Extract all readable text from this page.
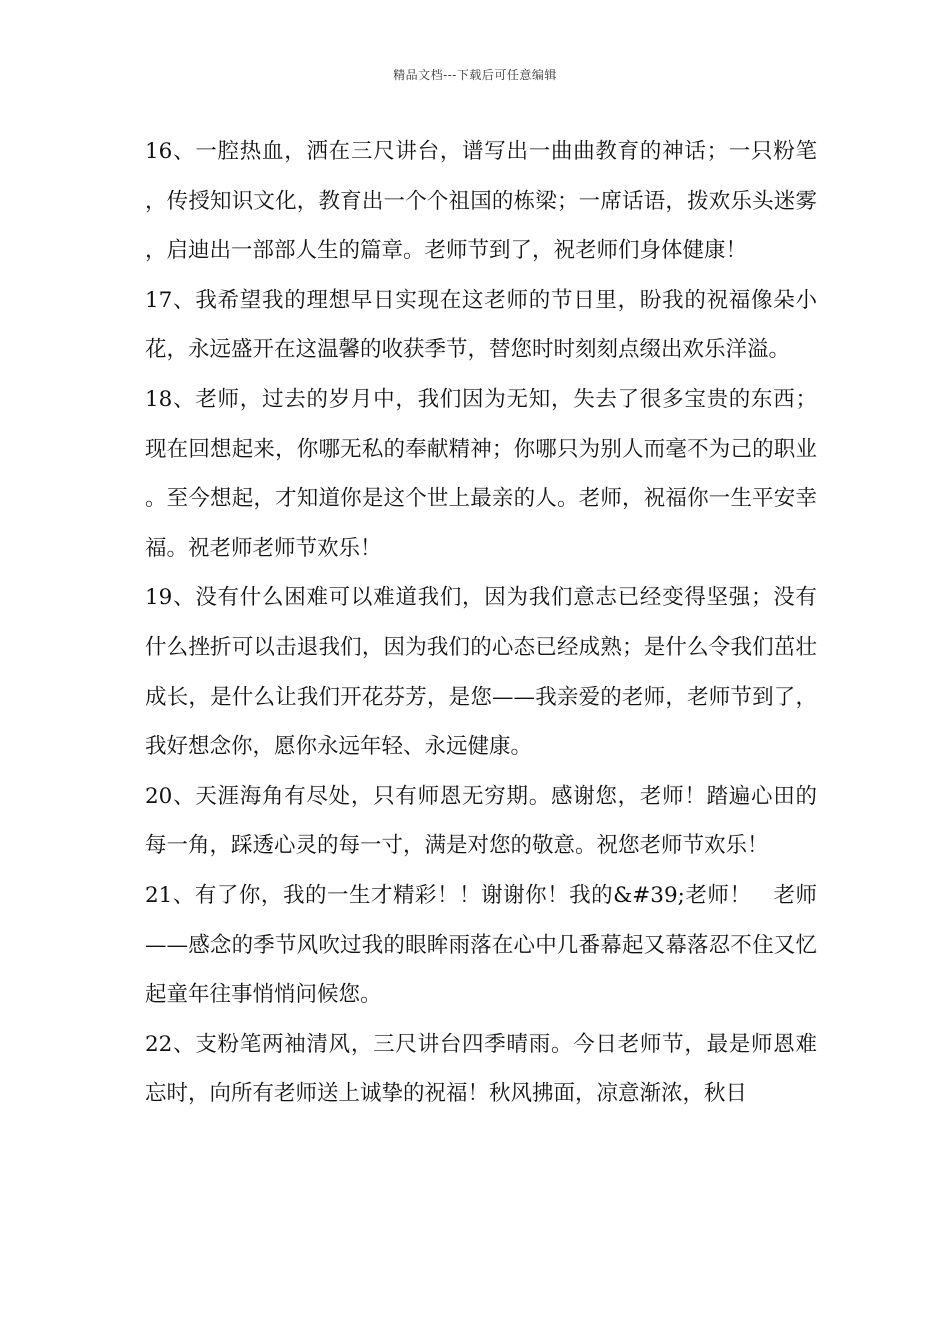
精品文档---下载后可任意编辑

16、一腔热血，洒在三尺讲台，谱写出一曲曲教育的神话；一只粉笔，传授知识文化，教育出一个个祖国的栋梁；一席话语，拨欢乐头迷雾，启迪出一部部人生的篇章。老师节到了，祝老师们身体健康！

17、我希望我的理想早日实现在这老师的节日里，盼我的祝福像朵小花，永远盛开在这温馨的收获季节，替您时时刻刻点缀出欢乐洋溢。

18、老师，过去的岁月中，我们因为无知，失去了很多宝贵的东西；现在回想起来，你哪无私的奉献精神；你哪只为别人而毫不为己的职业。至今想起，才知道你是这个世上最亲的人。老师，祝福你一生平安幸福。祝老师老师节欢乐！

19、没有什么困难可以难道我们，因为我们意志已经变得坚强；没有什么挫折可以击退我们，因为我们的心态已经成熟；是什么令我们茁壮成长，是什么让我们开花芬芳，是您——我亲爱的老师，老师节到了，我好想念你，愿你永远年轻、永远健康。

20、天涯海角有尽处，只有师恩无穷期。感谢您，老师！踏遍心田的每一角，踩透心灵的每一寸，满是对您的敬意。祝您老师节欢乐！

21、有了你，我的一生才精彩！！谢谢你！我的&#39;老师！　老师——感念的季节风吹过我的眼眸雨落在心中几番幕起又幕落忍不住又忆起童年往事悄悄问候您。

22、支粉笔两袖清风，三尺讲台四季晴雨。今日老师节，最是师恩难忘时，向所有老师送上诚挚的祝福！秋风拂面，凉意渐浓，秋日
